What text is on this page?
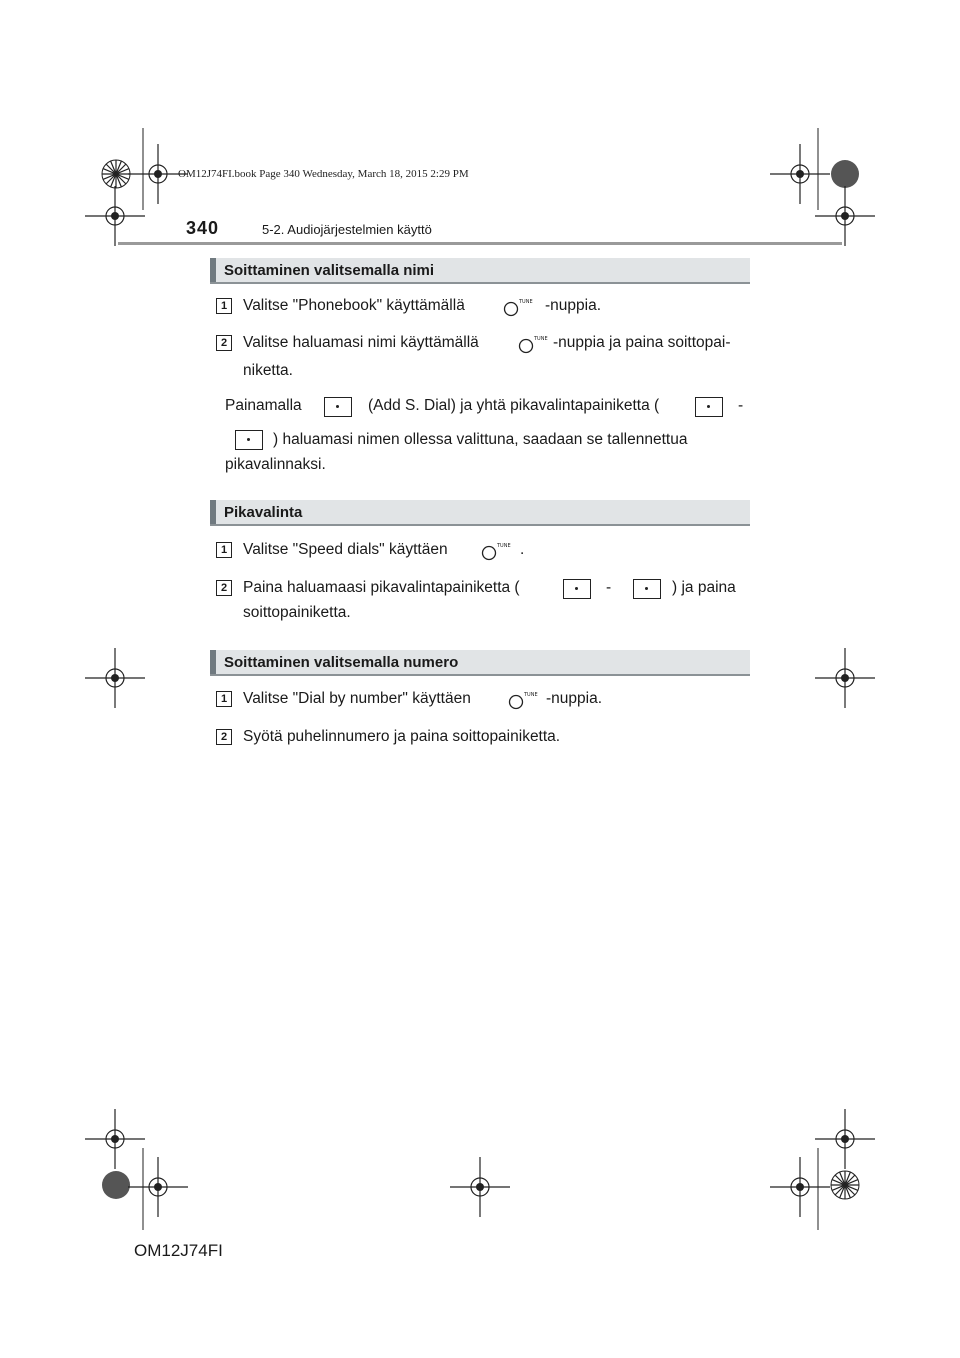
OM12J74FI.book Page 340 Wednesday, March 18, 2015 2:29 PM
340	5-2. Audiojärjestelmien käyttö
Soittaminen valitsemalla nimi
1	Valitse "Phonebook" käyttämällä	TUNE -nuppia.
2	Valitse haluamasi nimi käyttämällä	TUNE -nuppia ja paina soittopai-
niketta.
Painamalla	(Add S. Dial) ja yhtä pikavalintapainiketta (	-
) haluamasi nimen ollessa valittuna, saadaan se tallennettua
pikavalinnaksi.
Pikavalinta
1	Valitse "Speed dials" käyttäen	TUNE .
2	Paina haluamaasi pikavalintapainiketta (	-	) ja paina
soittopainiketta.
Soittaminen valitsemalla numero
1	Valitse "Dial by number" käyttäen	TUNE -nuppia.
2	Syötä puhelinnumero ja paina soittopainiketta.
OM12J74FI
